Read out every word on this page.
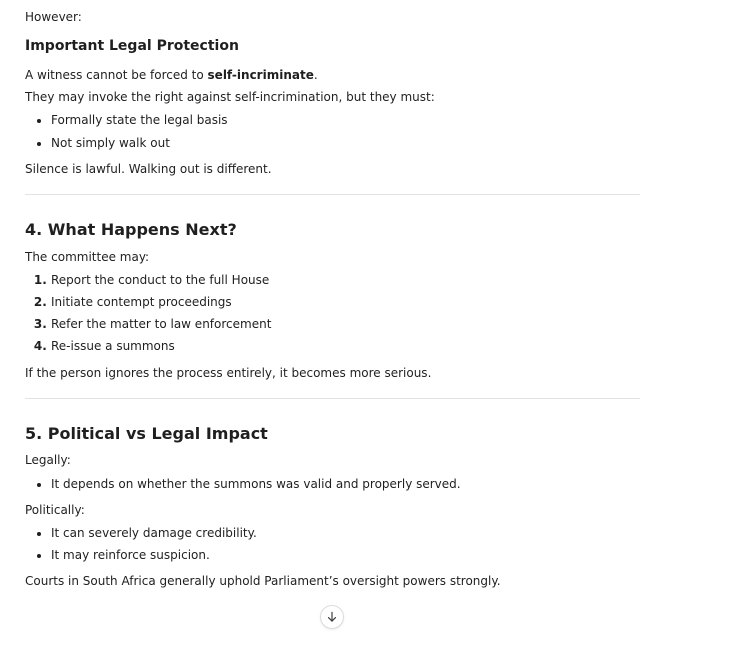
However:

Important Legal Protection

A witness cannot be forced to self-incriminate.

They may invoke the right against self-incrimination, but they must:

• Formally state the legal basis
• Not simply walk out

Silence is lawful. Walking out is different.

4. What Happens Next?

The committee may:

1. Report the conduct to the full House
2. Initiate contempt proceedings
3. Refer the matter to law enforcement
4. Re-issue a summons

If the person ignores the process entirely, it becomes more serious.

5. Political vs Legal Impact

Legally:

• It depends on whether the summons was valid and properly served.

Politically:

• It can severely damage credibility.
• It may reinforce suspicion.

Courts in South Africa generally uphold Parliament’s oversight powers strongly.
